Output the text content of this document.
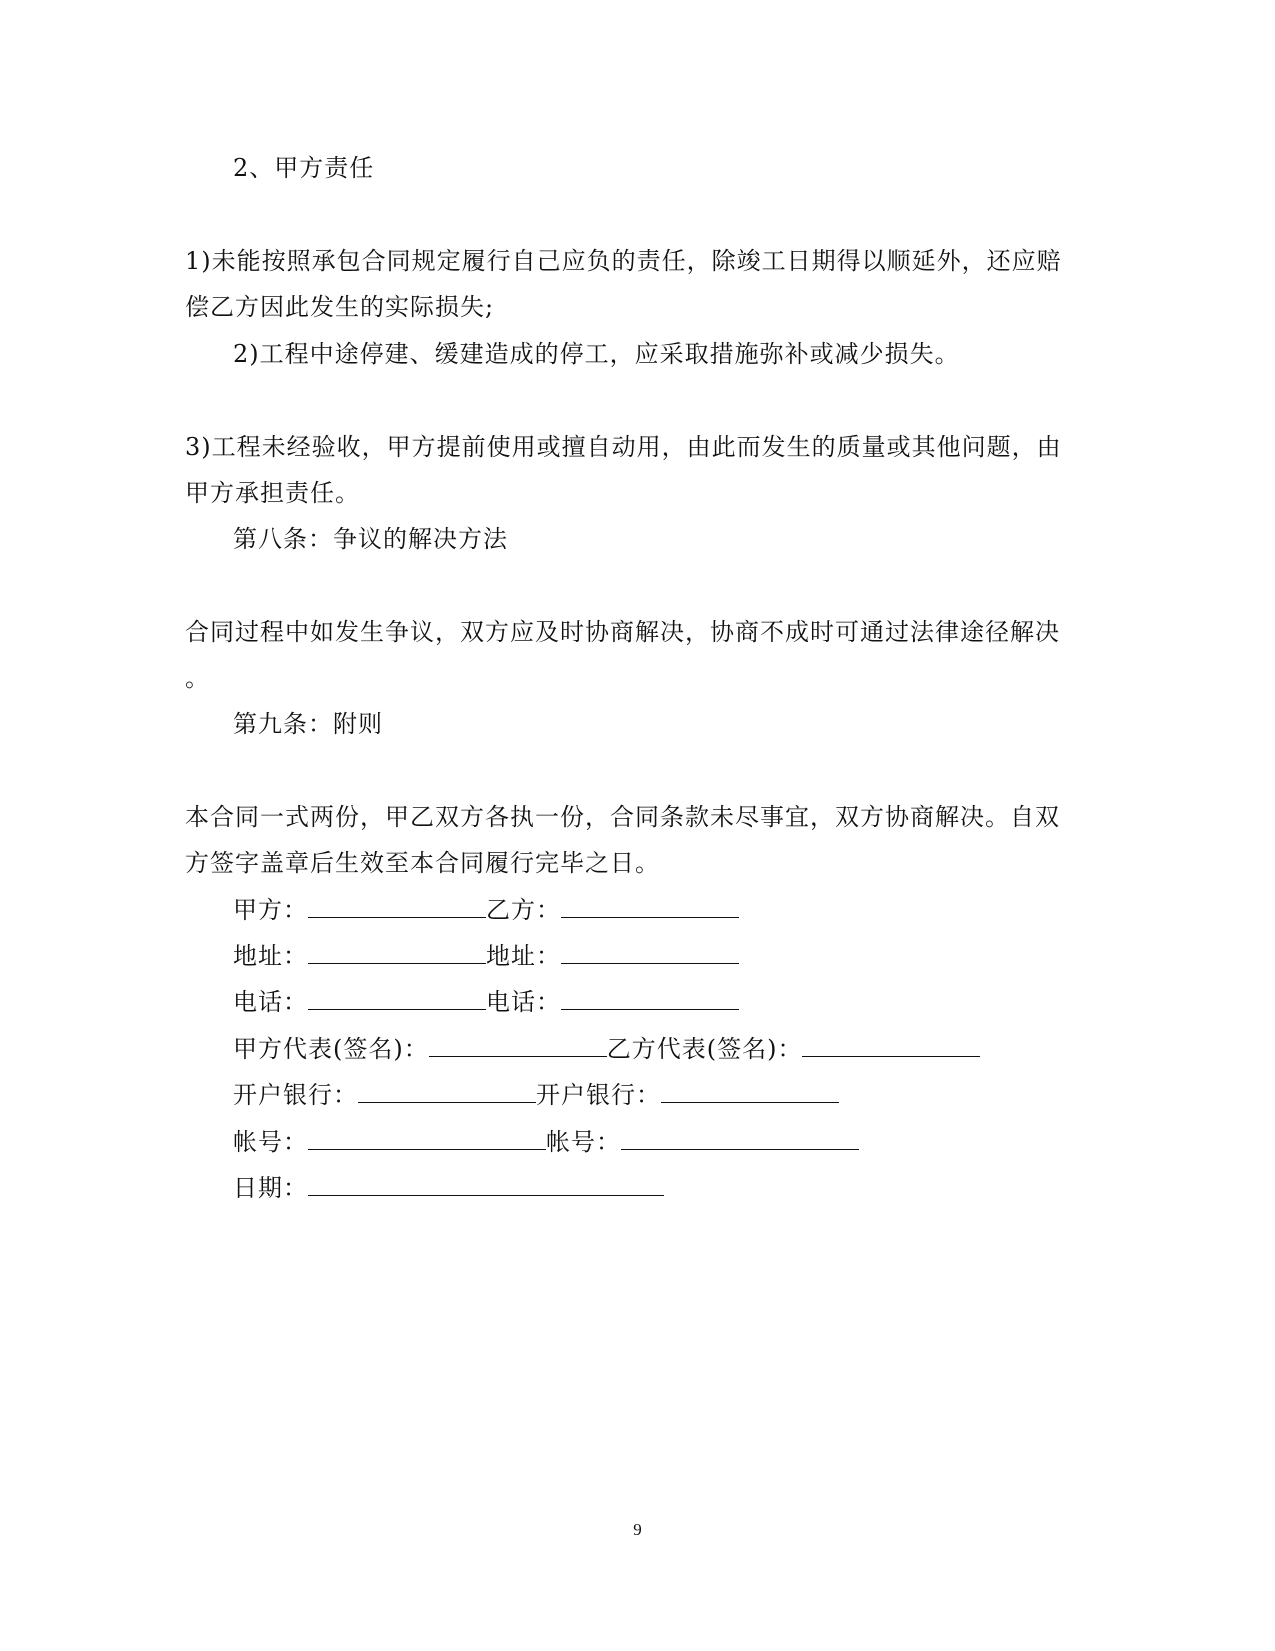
2、甲方责任
1)未能按照承包合同规定履行自己应负的责任，除竣工日期得以顺延外，还应赔
偿乙方因此发生的实际损失;
2)工程中途停建、缓建造成的停工，应采取措施弥补或减少损失。
3)工程未经验收，甲方提前使用或擅自动用，由此而发生的质量或其他问题，由
甲方承担责任。
第八条：争议的解决方法
合同过程中如发生争议，双方应及时协商解决，协商不成时可通过法律途径解决
。
第九条：附则
本合同一式两份，甲乙双方各执一份，合同条款未尽事宜，双方协商解决。自双
方签字盖章后生效至本合同履行完毕之日。
甲方：	乙方：
地址：	地址：
电话：	电话：
甲方代表(签名)：	乙方代表(签名)：
开户银行：	开户银行：
帐号：	帐号：
日期：
9
